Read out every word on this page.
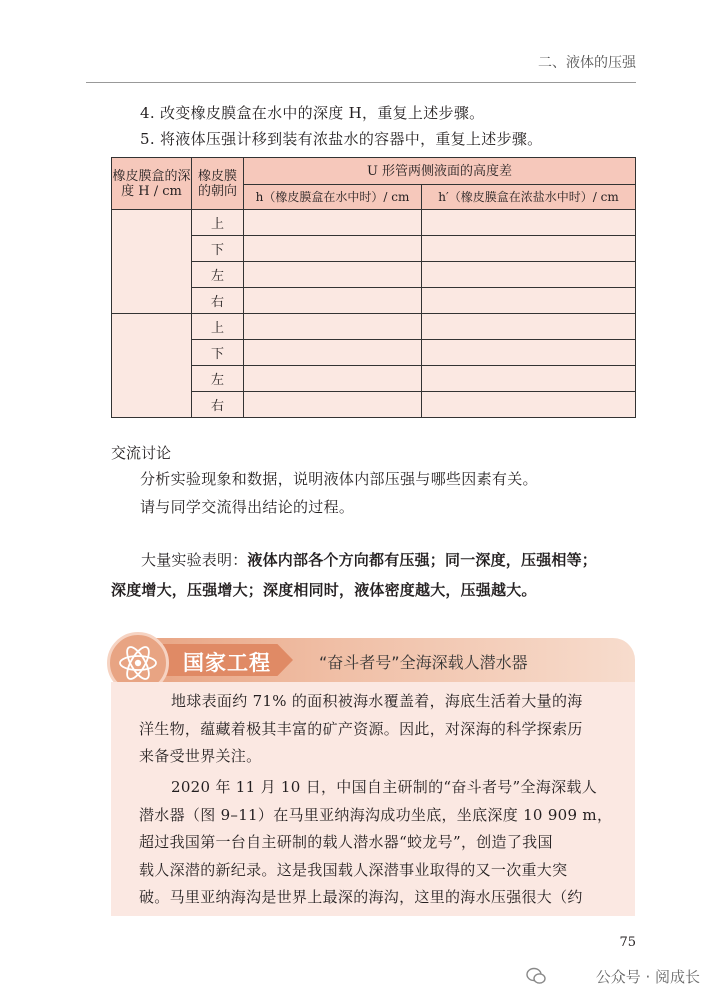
二、液体的压强
4. 改变橡皮膜盒在水中的深度 H，重复上述步骤。
5. 将液体压强计移到装有浓盐水的容器中，重复上述步骤。
橡皮膜盒的深度 H / cm	橡皮膜的朝向	U 形管两侧液面的高度差	
		h（橡皮膜盒在水中时）/ cm	h′（橡皮膜盒在浓盐水中时）/ cm
	上		
	下		
	左		
	右		
	上		
	下		
	左		
	右		
交流讨论
分析实验现象和数据，说明液体内部压强与哪些因素有关。
请与同学交流得出结论的过程。
大量实验表明：液体内部各个方向都有压强；同一深度，压强相等；
深度增大，压强增大；深度相同时，液体密度越大，压强越大。
国家工程	“奋斗者号”全海深载人潜水器
地球表面约 71% 的面积被海水覆盖着，海底生活着大量的海
洋生物，蕴藏着极其丰富的矿产资源。因此，对深海的科学探索历
来备受世界关注。
2020 年 11 月 10 日，中国自主研制的“奋斗者号”全海深载人
潜水器（图 9–11）在马里亚纳海沟成功坐底，坐底深度 10 909 m，
超过我国第一台自主研制的载人潜水器“蛟龙号”，创造了我国
载人深潜的新纪录。这是我国载人深潜事业取得的又一次重大突
破。马里亚纳海沟是世界上最深的海沟，这里的海水压强很大（约
75
公众号 · 阅成长
